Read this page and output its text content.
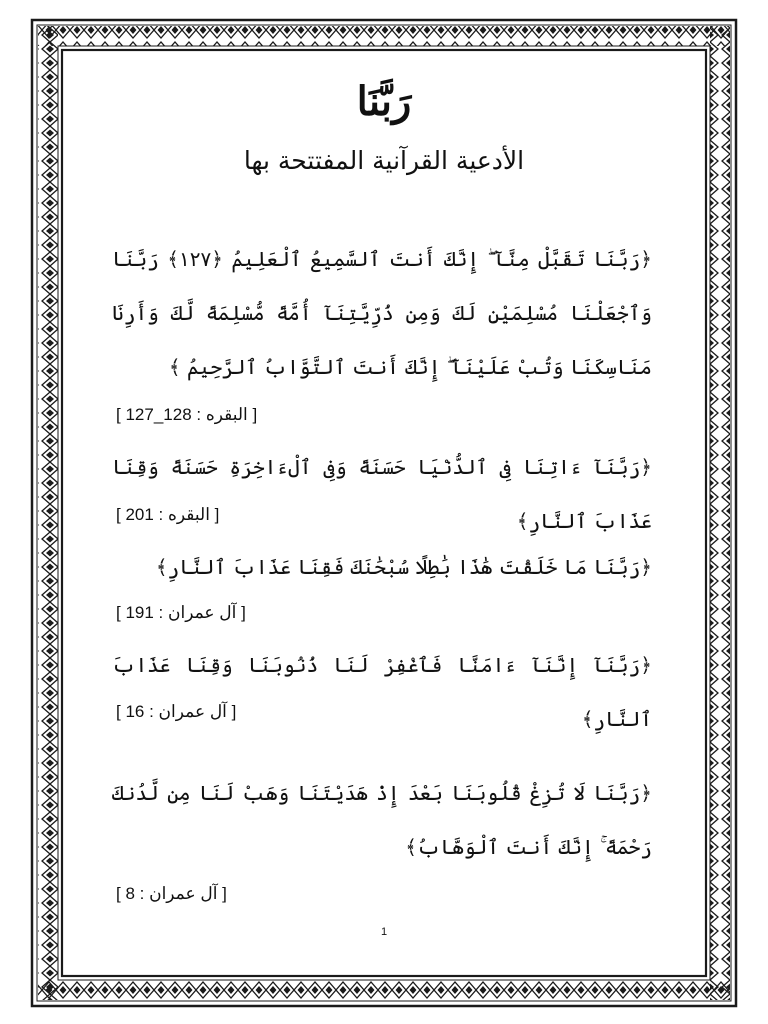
رَبَّنَا
الأدعية القرآنية المفتتحة بها
﴿رَبَّنَا تَقَبَّلْ مِنَّآ ۖ إِنَّكَ أَنتَ ٱلسَّمِيعُ ٱلْعَلِيمُ ﴿١٢٧﴾ رَبَّنَا وَٱجْعَلْنَا مُسْلِمَيْنِ لَكَ وَمِن ذُرِّيَّتِنَآ أُمَّةً مُّسْلِمَةً لَّكَ وَأَرِنَا مَنَاسِكَنَا وَتُبْ عَلَيْنَآ ۖ إِنَّكَ أَنتَ ٱلتَّوَّابُ ٱلرَّحِيمُ ﴾
[ البقره : 128_127 ]
﴿رَبَّنَآ ءَاتِنَا فِى ٱلدُّنْيَا حَسَنَةً وَفِى ٱلْءَاخِرَةِ حَسَنَةً وَقِنَا عَذَابَ ٱلنَّارِ﴾
[ البقره : 201 ]
﴿رَبَّنَا مَا خَلَقْتَ هَٰذَا بَٰطِلًا سُبْحَٰنَكَ فَقِنَا عَذَابَ ٱلنَّارِ﴾
[ آل عمران : 191 ]
﴿رَبَّنَآ إِنَّنَآ ءَامَنَّا فَٱغْفِرْ لَنَا ذُنُوبَنَا وَقِنَا عَذَابَ ٱلنَّارِ﴾
[ آل عمران : 16 ]
﴿رَبَّنَا لَا تُزِغْ قُلُوبَنَا بَعْدَ إِذْ هَدَيْتَنَا وَهَبْ لَنَا مِن لَّدُنكَ رَحْمَةً ۚ إِنَّكَ أَنتَ ٱلْوَهَّابُ﴾
[ آل عمران : 8 ]
1
